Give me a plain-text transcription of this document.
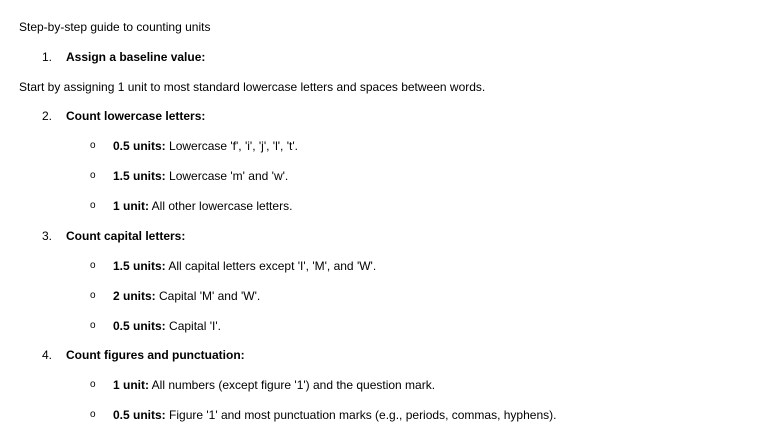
Step-by-step guide to counting units
1. Assign a baseline value:
Start by assigning 1 unit to most standard lowercase letters and spaces between words.
2. Count lowercase letters:
o 0.5 units: Lowercase 'f', 'i', 'j', 'l', 't'.
o 1.5 units: Lowercase 'm' and 'w'.
o 1 unit: All other lowercase letters.
3. Count capital letters:
o 1.5 units: All capital letters except 'I', 'M', and 'W'.
o 2 units: Capital 'M' and 'W'.
o 0.5 units: Capital 'I'.
4. Count figures and punctuation:
o 1 unit: All numbers (except figure '1') and the question mark.
o 0.5 units: Figure '1' and most punctuation marks (e.g., periods, commas, hyphens).
